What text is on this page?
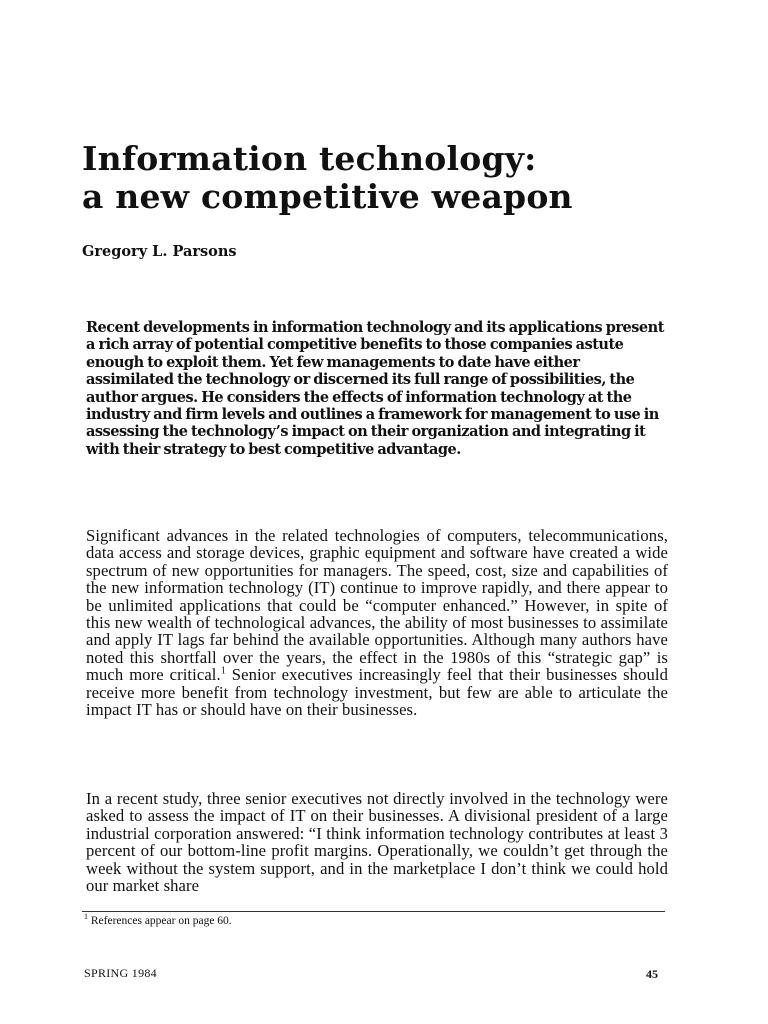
Information technology:
a new competitive weapon
Gregory L. Parsons

Recent developments in information technology and its applications present a rich array of potential competitive benefits to those companies astute enough to exploit them. Yet few managements to date have either assimilated the technology or discerned its full range of possibilities, the author argues. He considers the effects of information technology at the industry and firm levels and outlines a framework for management to use in assessing the technology’s impact on their organization and integrating it with their strategy to best competitive advantage.

Significant advances in the related technologies of computers, telecommunications, data access and storage devices, graphic equipment and software have created a wide spectrum of new opportunities for managers. The speed, cost, size and capabilities of the new information technology (IT) continue to improve rapidly, and there appear to be unlimited applications that could be “computer enhanced.” However, in spite of this new wealth of technological advances, the ability of most businesses to assimilate and apply IT lags far behind the available opportunities. Although many authors have noted this shortfall over the years, the effect in the 1980s of this “strategic gap” is much more critical.$^1$ Senior executives increasingly feel that their businesses should receive more benefit from technology investment, but few are able to articulate the impact IT has or should have on their businesses.

In a recent study, three senior executives not directly involved in the technology were asked to assess the impact of IT on their businesses. A divisional president of a large industrial corporation answered: “I think information technology contributes at least 3 percent of our bottom-line profit margins. Operationally, we couldn’t get through the week without the system support, and in the marketplace I don’t think we could hold our market share

$^1$ References appear on page 60.
SPRING 1984	45
